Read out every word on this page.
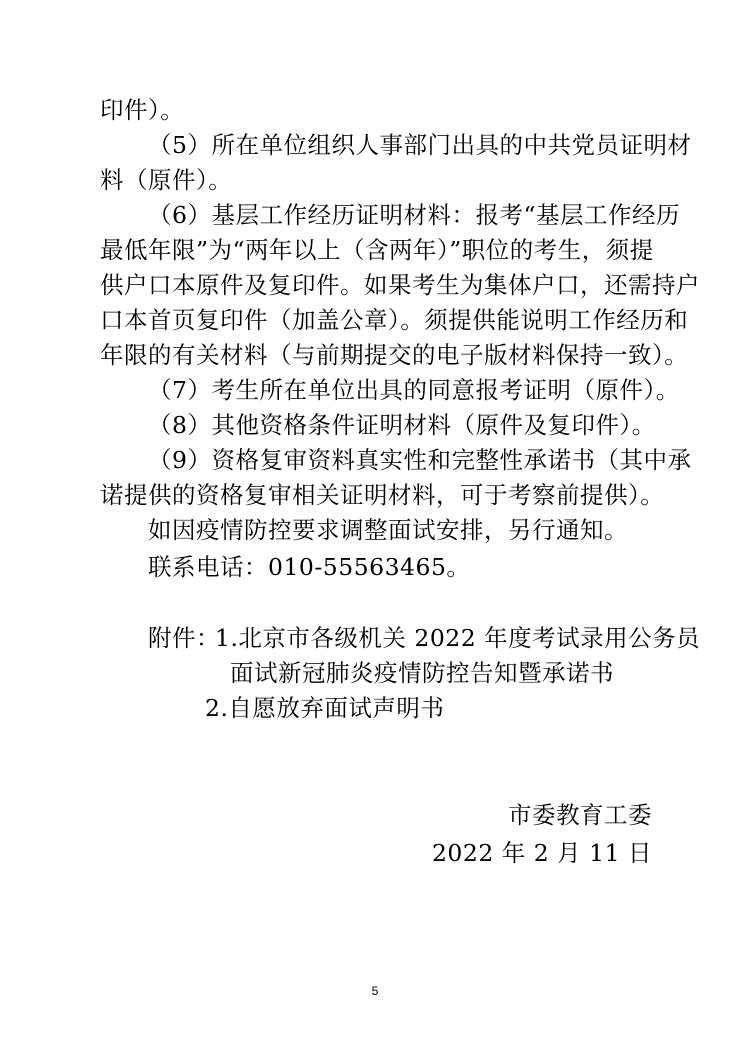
印件）。
（5）所在单位组织人事部门出具的中共党员证明材
料（原件）。
（6）基层工作经历证明材料：报考“基层工作经历
最低年限”为“两年以上（含两年）”职位的考生，须提
供户口本原件及复印件。如果考生为集体户口，还需持户
口本首页复印件（加盖公章）。须提供能说明工作经历和
年限的有关材料（与前期提交的电子版材料保持一致）。
（7）考生所在单位出具的同意报考证明（原件）。
（8）其他资格条件证明材料（原件及复印件）。
（9）资格复审资料真实性和完整性承诺书（其中承
诺提供的资格复审相关证明材料，可于考察前提供）。
如因疫情防控要求调整面试安排，另行通知。
联系电话：010-55563465。
附件：
1.北京市各级机关 2022 年度考试录用公务员
面试新冠肺炎疫情防控告知暨承诺书
2.自愿放弃面试声明书
市委教育工委
2022 年 2 月 11 日
5
